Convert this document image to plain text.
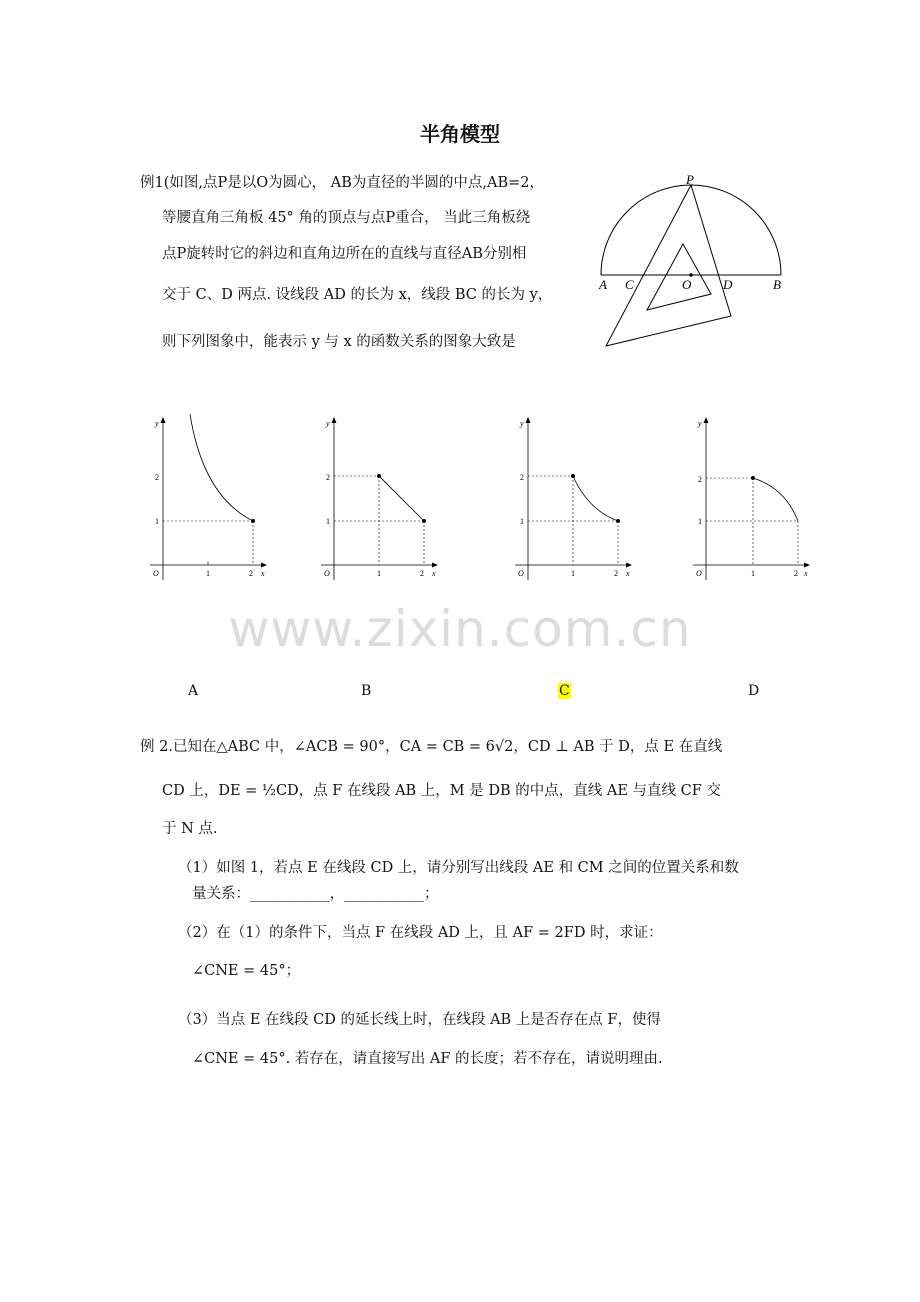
半角模型
例1(如图,点P是以O为圆心， AB为直径的半圆的中点,AB=2，
等腰直角三角板 45° 角的顶点与点P重合， 当此三角板绕
点P旋转时它的斜边和直角边所在的直线与直径AB分别相
交于 C、D 两点. 设线段 AD 的长为 x，线段 BC 的长为 y，
则下列图象中，能表示 y 与 x 的函数关系的图象大致是
P
A C	O D	B
y
x
O
2
1
1	2
y
x
O
2
1
1	2
y
x
O
2
1
1	2
y
x
O
2
1
1	2
www.zixin.com.cn
A	B	C	D
例 2.已知在△ABC 中，∠ACB = 90°，CA = CB = 6√2，CD ⊥ AB 于 D，点 E 在直线
CD 上，DE = ½CD，点 F 在线段 AB 上，M 是 DB 的中点，直线 AE 与直线 CF 交
于 N 点.
（1）如图 1，若点 E 在线段 CD 上，请分别写出线段 AE 和 CM 之间的位置关系和数
量关系：___________，___________；
（2）在（1）的条件下，当点 F 在线段 AD 上，且 AF = 2FD 时，求证：
∠CNE = 45°；
（3）当点 E 在线段 CD 的延长线上时，在线段 AB 上是否存在点 F，使得
∠CNE = 45°. 若存在，请直接写出 AF 的长度；若不存在，请说明理由.
